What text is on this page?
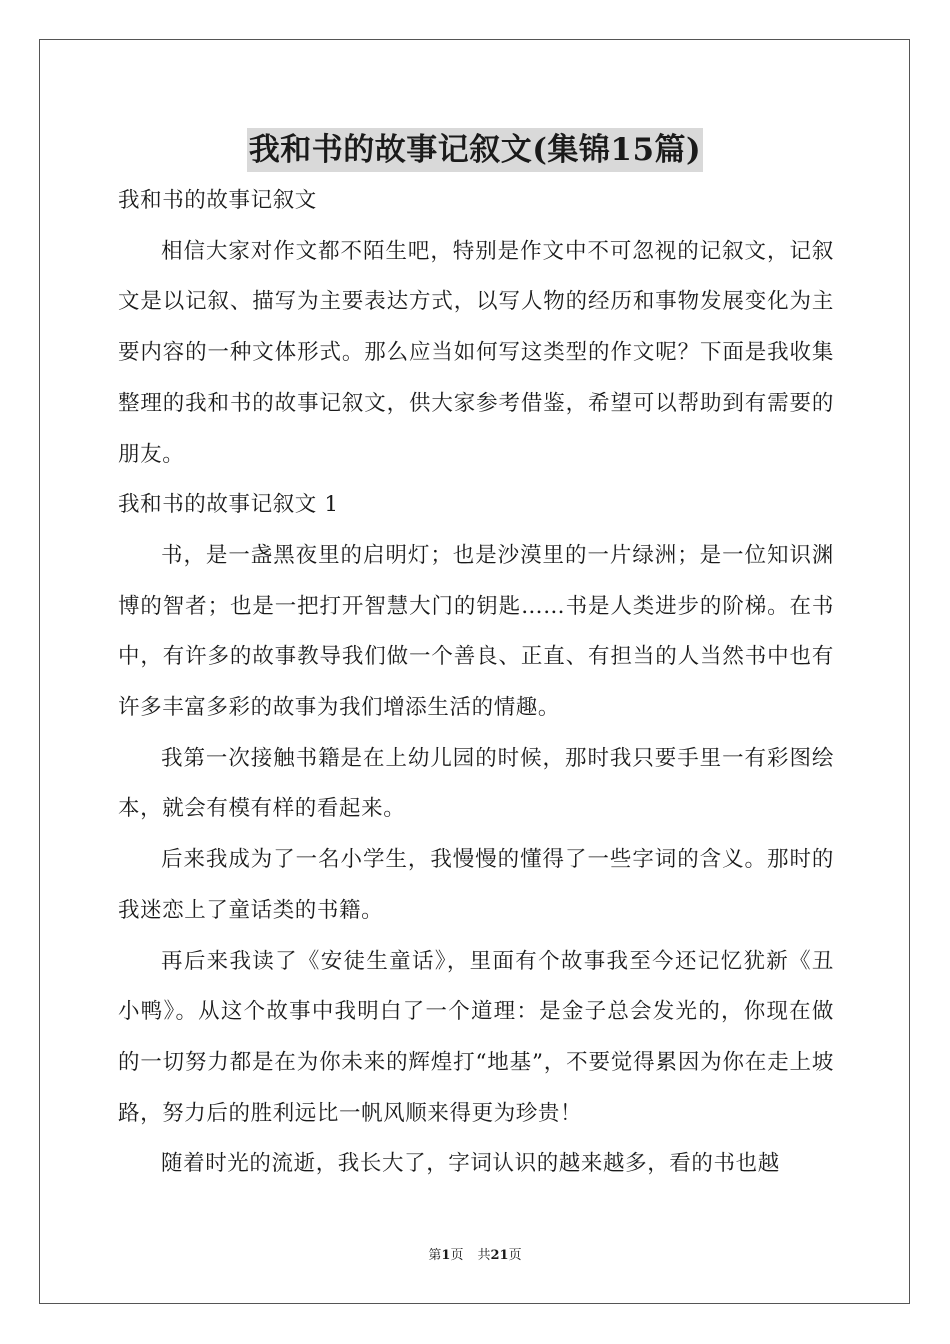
我和书的故事记叙文(集锦15篇)

我和书的故事记叙文

相信大家对作文都不陌生吧，特别是作文中不可忽视的记叙文，记叙文是以记叙、描写为主要表达方式，以写人物的经历和事物发展变化为主要内容的一种文体形式。那么应当如何写这类型的作文呢？下面是我收集整理的我和书的故事记叙文，供大家参考借鉴，希望可以帮助到有需要的朋友。

我和书的故事记叙文 1

书，是一盏黑夜里的启明灯；也是沙漠里的一片绿洲；是一位知识渊博的智者；也是一把打开智慧大门的钥匙……书是人类进步的阶梯。在书中，有许多的故事教导我们做一个善良、正直、有担当的人当然书中也有许多丰富多彩的故事为我们增添生活的情趣。

我第一次接触书籍是在上幼儿园的时候，那时我只要手里一有彩图绘本，就会有模有样的看起来。

后来我成为了一名小学生，我慢慢的懂得了一些字词的含义。那时的我迷恋上了童话类的书籍。

再后来我读了《安徒生童话》，里面有个故事我至今还记忆犹新《丑小鸭》。从这个故事中我明白了一个道理：是金子总会发光的，你现在做的一切努力都是在为你未来的辉煌打“地基”，不要觉得累因为你在走上坡路，努力后的胜利远比一帆风顺来得更为珍贵！

随着时光的流逝，我长大了，字词认识的越来越多，看的书也越

第1页 共21页
